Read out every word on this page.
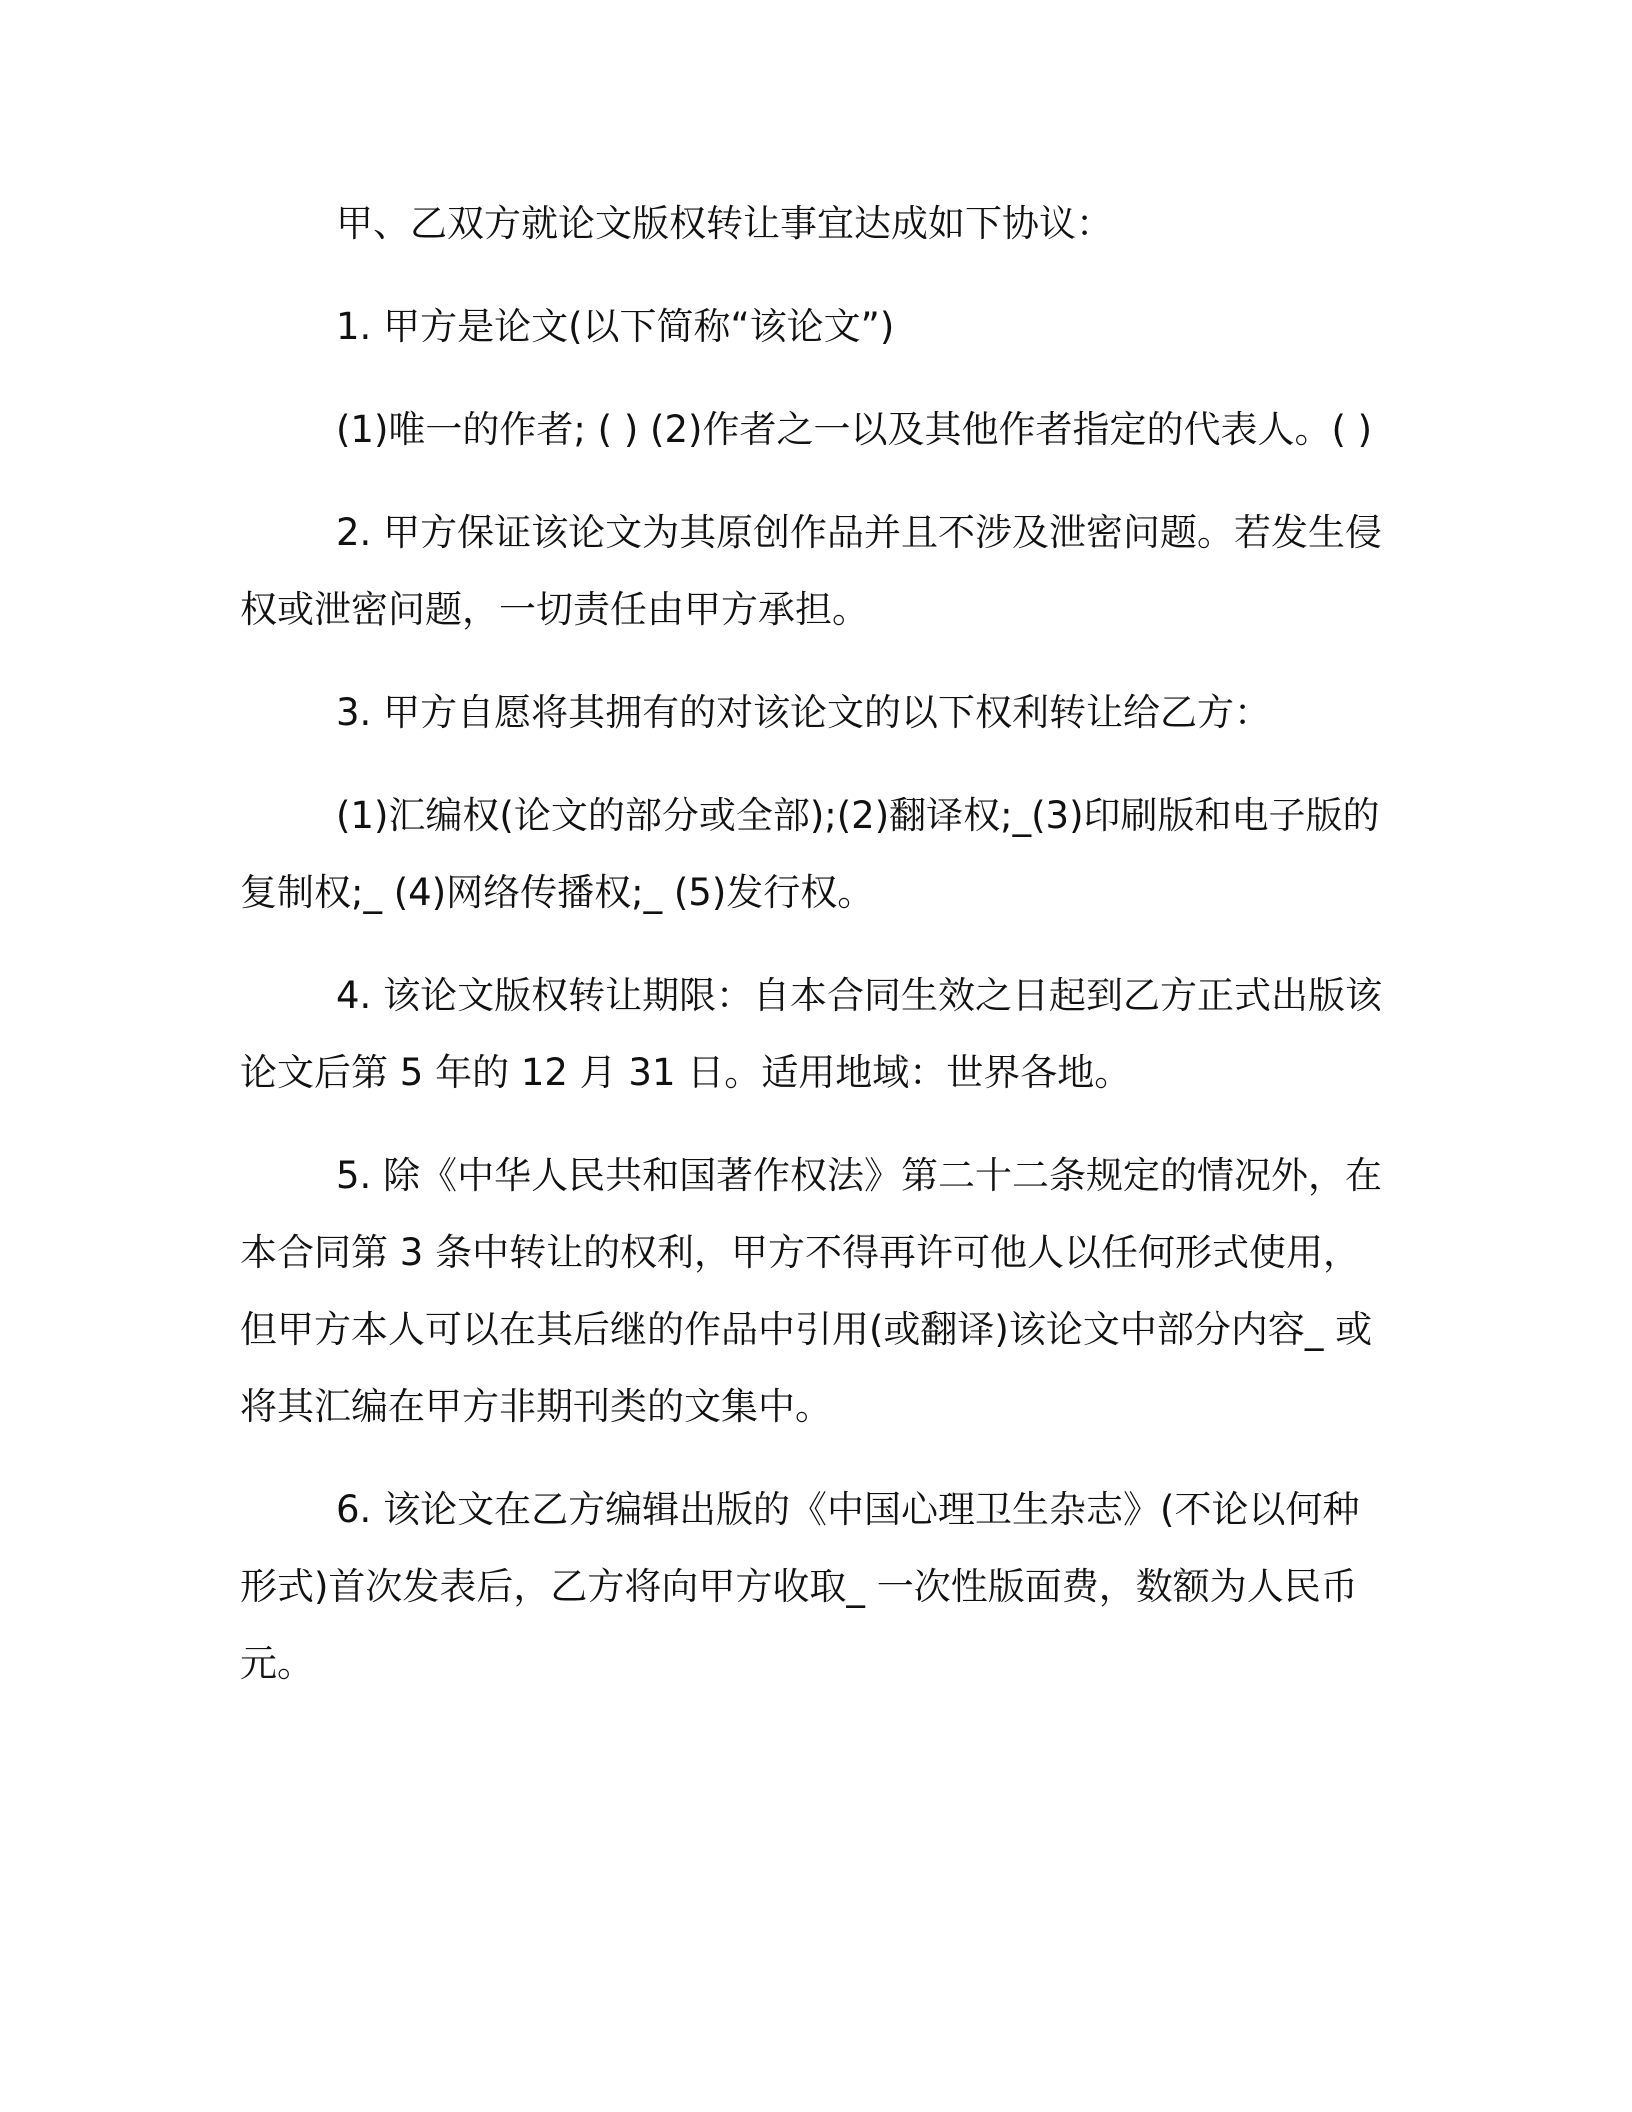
甲、乙双方就论文版权转让事宜达成如下协议：

1. 甲方是论文(以下简称“该论文”)

(1)唯一的作者; ( ) (2)作者之一以及其他作者指定的代表人。( )

2. 甲方保证该论文为其原创作品并且不涉及泄密问题。若发生侵权或泄密问题，一切责任由甲方承担。

3. 甲方自愿将其拥有的对该论文的以下权利转让给乙方：

(1)汇编权(论文的部分或全部);(2)翻译权;_(3)印刷版和电子版的复制权;_ (4)网络传播权;_ (5)发行权。

4. 该论文版权转让期限：自本合同生效之日起到乙方正式出版该论文后第 5 年的 12 月 31 日。适用地域：世界各地。

5. 除《中华人民共和国著作权法》第二十二条规定的情况外，在本合同第 3 条中转让的权利，甲方不得再许可他人以任何形式使用，但甲方本人可以在其后继的作品中引用(或翻译)该论文中部分内容_ 或将其汇编在甲方非期刊类的文集中。

6. 该论文在乙方编辑出版的《中国心理卫生杂志》(不论以何种形式)首次发表后，乙方将向甲方收取_ 一次性版面费，数额为人民币元。
